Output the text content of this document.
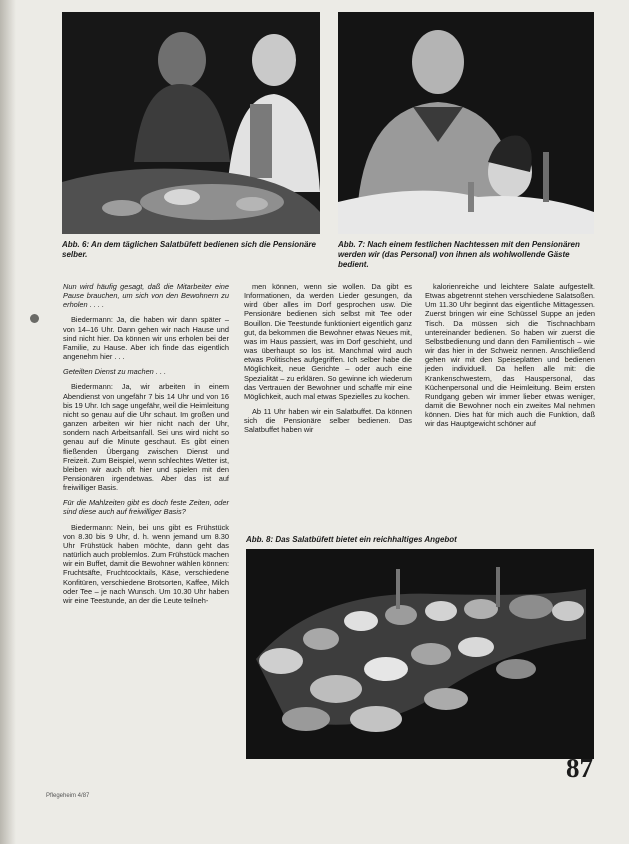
Abb. 6: An dem täglichen Salatbüfett bedienen sich die Pensionäre selber.

Abb. 7: Nach einem festlichen Nachtessen mit den Pensionären werden wir (das Personal) von ihnen als wohlwollende Gäste bedient.

Nun wird häufig gesagt, daß die Mitarbeiter eine Pause brauchen, um sich von den Bewohnern zu erholen . . . .

Biedermann: Ja, die haben wir dann später – von 14–16 Uhr. Dann gehen wir nach Hause und sind nicht hier. Da können wir uns erholen bei der Familie, zu Hause. Aber ich finde das eigentlich angenehm hier . . .

Geteilten Dienst zu machen . . .

Biedermann: Ja, wir arbeiten in einem Abendienst von ungefähr 7 bis 14 Uhr und von 16 bis 19 Uhr. Ich sage ungefähr, weil die Heimleitung nicht so genau auf die Uhr schaut. Im großen und ganzen arbeiten wir hier nicht nach der Uhr, sondern nach Arbeitsanfall. Sei uns wird nicht so genau auf die Minute geschaut. Es gibt einen fließenden Übergang zwischen Dienst und Freizeit. Zum Beispiel, wenn schlechtes Wetter ist, bleiben wir auch oft hier und spielen mit den Pensionären irgendetwas. Aber das ist auf freiwilliger Basis.

Für die Mahlzeiten gibt es doch feste Zeiten, oder sind diese auch auf freiwilliger Basis?

Biedermann: Nein, bei uns gibt es Frühstück von 8.30 bis 9 Uhr, d. h. wenn jemand um 8.30 Uhr Frühstück haben möchte, dann geht das natürlich auch problemlos. Zum Frühstück machen wir ein Buffet, damit die Bewohner wählen können: Fruchtsäfte, Fruchtcocktails, Käse, verschiedene Konfitüren, verschiedene Brotsorten, Kaffee, Milch oder Tee – je nach Wunsch. Um 10.30 Uhr haben wir eine Teestunde, an der die Leute teilneh-

men können, wenn sie wollen. Da gibt es Informationen, da werden Lieder gesungen, da wird über alles im Dorf gesprochen usw. Die Pensionäre bedienen sich selbst mit Tee oder Bouillon. Die Teestunde funktioniert eigentlich ganz gut, da bekommen die Bewohner etwas Neues mit, was im Haus passiert, was im Dorf geschieht, und was überhaupt so los ist. Manchmal wird auch etwas Politisches aufgegriffen. Ich selber habe die Möglichkeit, neue Gerichte – oder auch eine Spezialität – zu erklären. So gewinne ich wiederum das Vertrauen der Bewohner und schaffe mir eine Möglichkeit, auch mal etwas Spezielles zu kochen.

Ab 11 Uhr haben wir ein Salatbuffet. Da können sich die Pensionäre selber bedienen. Das Salatbuffet haben wir

kalorienreiche und leichtere Salate aufgestellt. Etwas abgetrennt stehen verschiedene Salatsoßen. Um 11.30 Uhr beginnt das eigentliche Mittagessen. Zuerst bringen wir eine Schüssel Suppe an jeden Tisch. Da müssen sich die Tischnachbarn untereinander bedienen. So haben wir zuerst die Selbstbedienung und dann den Familientisch – wie wir das hier in der Schweiz nennen. Anschließend gehen wir mit den Speiseplatten und bedienen jeden individuell. Da helfen alle mit: die Krankenschwestern, das Hauspersonal, das Küchenpersonal und die Heimleitung. Beim ersten Rundgang geben wir immer lieber etwas weniger, damit die Bewohner noch ein zweites Mal nehmen können. Dies hat für mich auch die Funktion, daß wir das Hauptgewicht schöner auf

Abb. 8: Das Salatbüfett bietet ein reichhaltiges Angebot

87

Pflegeheim 4/87
